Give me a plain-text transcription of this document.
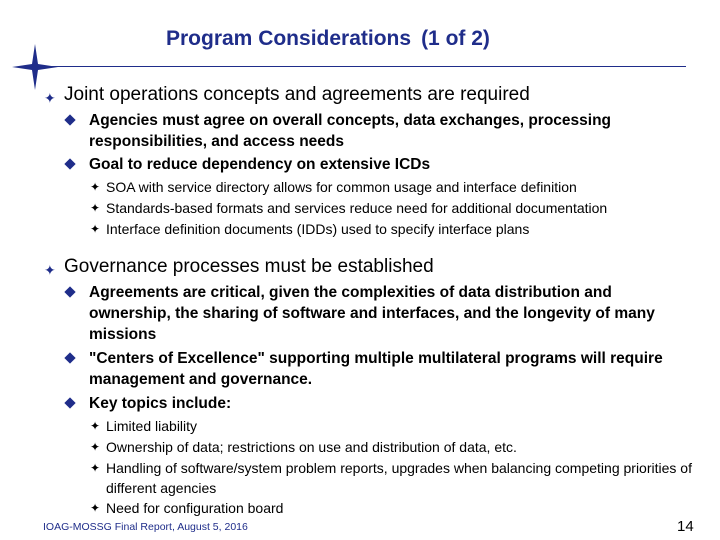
Program Considerations (1 of 2)
✦ Joint operations concepts and agreements are required
Agencies must agree on overall concepts, data exchanges, processing responsibilities, and access needs
Goal to reduce dependency on extensive ICDs
✦ SOA with service directory allows for common usage and interface definition
✦ Standards-based formats and services reduce need for additional documentation
✦ Interface definition documents (IDDs) used to specify interface plans
✦ Governance processes must be established
Agreements are critical, given the complexities of data distribution and ownership, the sharing of software and interfaces, and the longevity of many missions
"Centers of Excellence" supporting multiple multilateral programs will require management and governance.
Key topics include:
✦ Limited liability
✦ Ownership of data; restrictions on use and distribution of data, etc.
✦ Handling of software/system problem reports, upgrades when balancing competing priorities of different agencies
✦ Need for configuration board
IOAG-MOSSG Final Report, August 5, 2016	14
